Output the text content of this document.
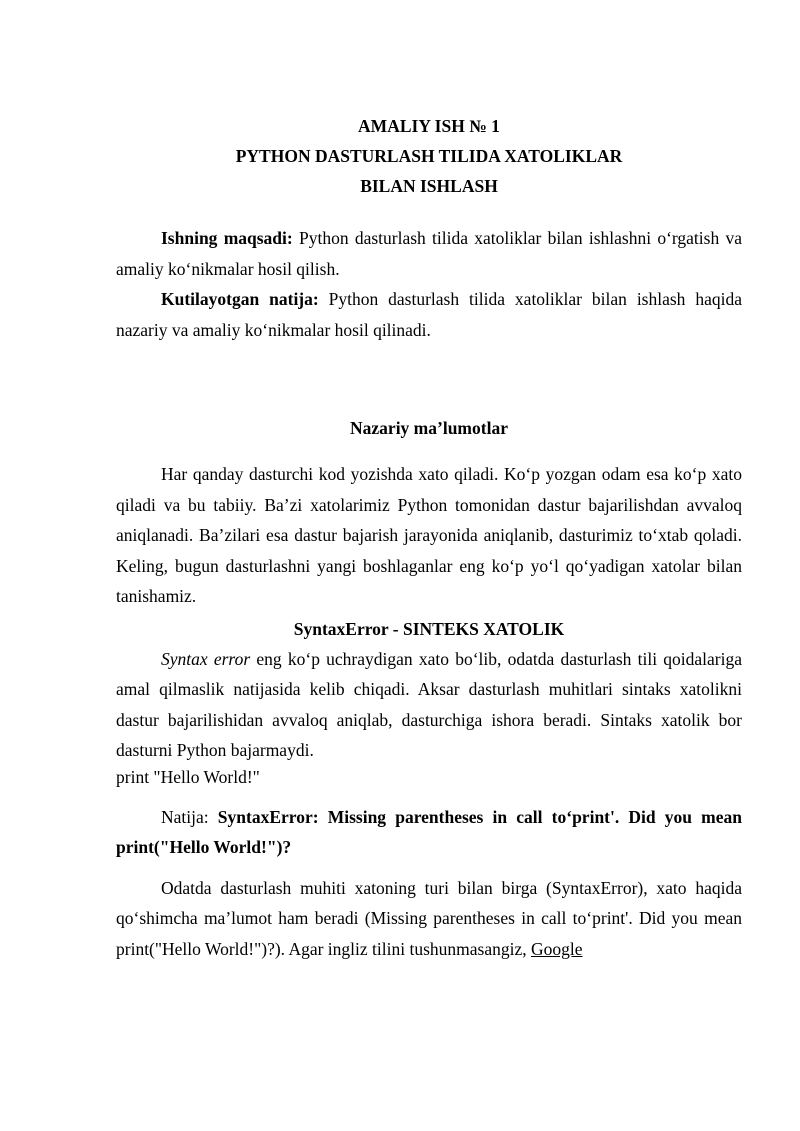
AMALIY ISH № 1
PYTHON DASTURLASH TILIDA XATOLIKLAR
BILAN ISHLASH

Ishning maqsadi: Python dasturlash tilida xatoliklar bilan ishlashni o‘rgatish va amaliy ko‘nikmalar hosil qilish.

Kutilayotgan natija: Python dasturlash tilida xatoliklar bilan ishlash haqida nazariy va amaliy ko‘nikmalar hosil qilinadi.

Nazariy ma’lumotlar

Har qanday dasturchi kod yozishda xato qiladi. Ko‘p yozgan odam esa ko‘p xato qiladi va bu tabiiy. Ba’zi xatolarimiz Python tomonidan dastur bajarilishdan avvaloq aniqlanadi. Ba’zilari esa dastur bajarish jarayonida aniqlanib, dasturimiz to‘xtab qoladi. Keling, bugun dasturlashni yangi boshlaganlar eng ko‘p yo‘l qo‘yadigan xatolar bilan tanishamiz.

SyntaxError - SINTEKS XATOLIK

Syntax error eng ko‘p uchraydigan xato bo‘lib, odatda dasturlash tili qoidalariga amal qilmaslik natijasida kelib chiqadi. Aksar dasturlash muhitlari sintaks xatolikni dastur bajarilishidan avvaloq aniqlab, dasturchiga ishora beradi. Sintaks xatolik bor dasturni Python bajarmaydi.

print "Hello World!"

Natija: SyntaxError: Missing parentheses in call to‘print'. Did you mean print("Hello World!")?

Odatda dasturlash muhiti xatoning turi bilan birga (SyntaxError), xato haqida qo‘shimcha ma’lumot ham beradi (Missing parentheses in call to‘print'. Did you mean print("Hello World!")?). Agar ingliz tilini tushunmasangiz, Google
